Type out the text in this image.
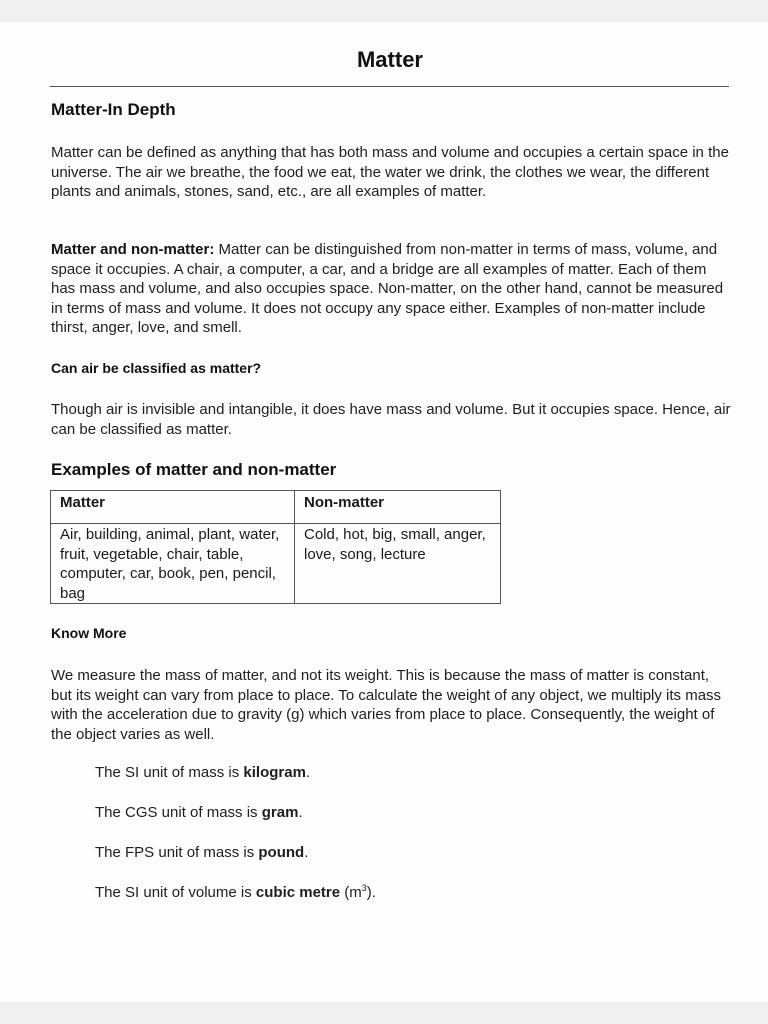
Matter
Matter-In Depth
Matter can be defined as anything that has both mass and volume and occupies a certain space in the universe. The air we breathe, the food we eat, the water we drink, the clothes we wear, the different plants and animals, stones, sand, etc., are all examples of matter.
Matter and non-matter: Matter can be distinguished from non-matter in terms of mass, volume, and space it occupies. A chair, a computer, a car, and a bridge are all examples of matter. Each of them has mass and volume, and also occupies space. Non-matter, on the other hand, cannot be measured in terms of mass and volume. It does not occupy any space either. Examples of non-matter include thirst, anger, love, and smell.
Can air be classified as matter?
Though air is invisible and intangible, it does have mass and volume. But it occupies space. Hence, air can be classified as matter.
Examples of matter and non-matter
Matter	Non-matter
Air, building, animal, plant, water, fruit, vegetable, chair, table, computer, car, book, pen, pencil, bag	Cold, hot, big, small, anger, love, song, lecture
Know More
We measure the mass of matter, and not its weight. This is because the mass of matter is constant, but its weight can vary from place to place. To calculate the weight of any object, we multiply its mass with the acceleration due to gravity (g) which varies from place to place. Consequently, the weight of the object varies as well.
The SI unit of mass is kilogram.
The CGS unit of mass is gram.
The FPS unit of mass is pound.
The SI unit of volume is cubic metre $(m^3)$.
